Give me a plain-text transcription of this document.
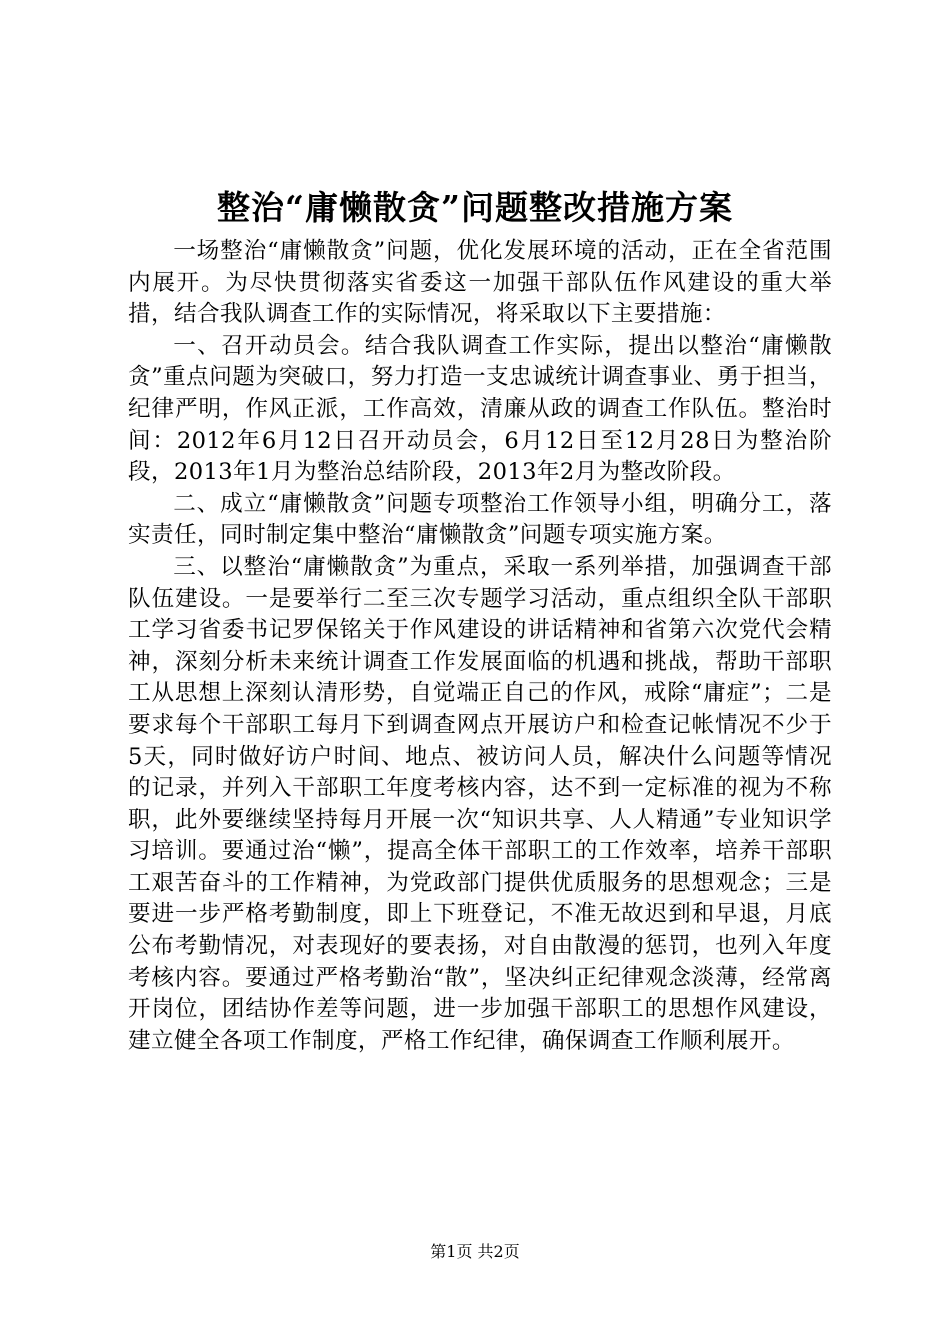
整治“庸懒散贪”问题整改措施方案

一场整治“庸懒散贪”问题，优化发展环境的活动，正在全省范围内展开。为尽快贯彻落实省委这一加强干部队伍作风建设的重大举措，结合我队调查工作的实际情况，将采取以下主要措施：

一、召开动员会。结合我队调查工作实际，提出以整治“庸懒散贪”重点问题为突破口，努力打造一支忠诚统计调查事业、勇于担当，纪律严明，作风正派，工作高效，清廉从政的调查工作队伍。整治时间：2012年6月12日召开动员会，6月12日至12月28日为整治阶段，2013年1月为整治总结阶段，2013年2月为整改阶段。

二、成立“庸懒散贪”问题专项整治工作领导小组，明确分工，落实责任，同时制定集中整治“庸懒散贪”问题专项实施方案。

三、以整治“庸懒散贪”为重点，采取一系列举措，加强调查干部队伍建设。一是要举行二至三次专题学习活动，重点组织全队干部职工学习省委书记罗保铭关于作风建设的讲话精神和省第六次党代会精神，深刻分析未来统计调查工作发展面临的机遇和挑战，帮助干部职工从思想上深刻认清形势，自觉端正自己的作风，戒除“庸症”；二是要求每个干部职工每月下到调查网点开展访户和检查记帐情况不少于5天，同时做好访户时间、地点、被访问人员，解决什么问题等情况的记录，并列入干部职工年度考核内容，达不到一定标准的视为不称职，此外要继续坚持每月开展一次“知识共享、人人精通”专业知识学习培训。要通过治“懒”，提高全体干部职工的工作效率，培养干部职工艰苦奋斗的工作精神，为党政部门提供优质服务的思想观念；三是要进一步严格考勤制度，即上下班登记，不准无故迟到和早退，月底公布考勤情况，对表现好的要表扬，对自由散漫的惩罚，也列入年度考核内容。要通过严格考勤治“散”，坚决纠正纪律观念淡薄，经常离开岗位，团结协作差等问题，进一步加强干部职工的思想作风建设，建立健全各项工作制度，严格工作纪律，确保调查工作顺利展开。

第1页 共2页
